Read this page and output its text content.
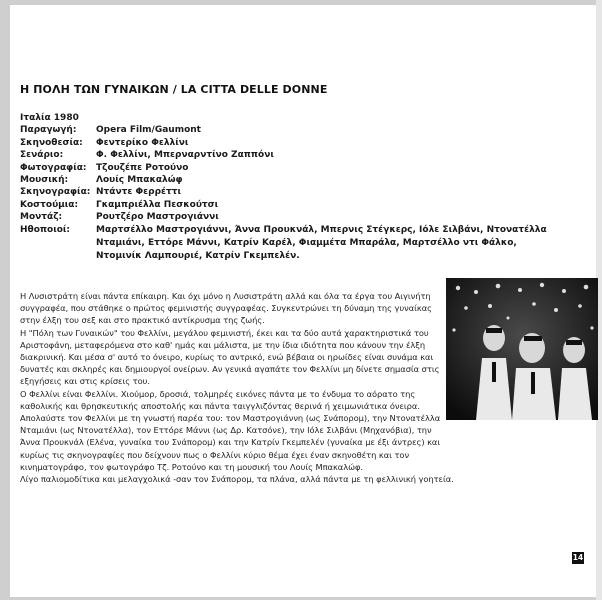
Η ΠΟΛΗ ΤΩΝ ΓΥΝΑΙΚΩΝ / LA CITTA DELLE DONNE
Ιταλία 1980
Παραγωγή:	Opera Film/Gaumont
Σκηνοθεσία:	Φεντερίκο Φελλίνι
Σενάριο:	Φ. Φελλίνι, Μπερναρντίνο Ζαππόνι
Φωτογραφία:	Τζουζέπε Ροτούνο
Μουσική:	Λουίς Μπακαλώφ
Σκηνογραφία: Ντάντε Φερρέττι
Κοστούμια:	Γκαμπριέλλα Πεσκούτσι
Μοντάζ:	Ρουτζέρο Μαστρογιάννι
Ηθοποιοί:	Μαρτσέλλο Μαστρογιάννι, Άννα Προυκνάλ, Μπερνις Στέγκερς, Ιόλε Σιλβάνι, Ντονατέλλα Νταμιάνι, Εττόρε Μάννι, Κατρίν Καρέλ, Φιαμμέτα Μπαράλα, Μαρτσέλλο ντι Φάλκο, Ντομινίκ Λαμπουριέ, Κατρίν Γκεμπελέν.

Η Λυσιστράτη είναι πάντα επίκαιρη. Και όχι μόνο η Λυσιστράτη αλλά και όλα τα έργα του Αιγινήτη συγγραφέα, που στάθηκε ο πρώτος φεμινιστής συγγραφέας. Συγκεντρώνει τη δύναμη της γυναίκας στην έλξη του σεξ και στο πρακτικό αντίκρυσμα της ζωής.

Η "Πόλη των Γυναικών" του Φελλίνι, μεγάλου φεμινιστή, έκει και τα δύο αυτά χαρακτηριστικά του Αριστοφάνη, μεταφερόμενα στο καθ' ημάς και μάλιστα, με την ίδια ιδιότητα που κάνουν την έλξη διακρινική. Και μέσα σ' αυτό το όνειρο, κυρίως το αντρικό, ενώ βέβαια οι ηρωίδες είναι συνάμα και δυνατές και σκληρές και δημιουργοί ονείρων. Αν γενικά αγαπάτε τον Φελλίνι μη δίνετε σημασία στις εξηγήσεις και στις κρίσεις του.

Ο Φελλίνι είναι Φελλίνι. Χιούμορ, δροσιά, τολμηρές εικόνες πάντα με το ένδυμα το αόρατο της καθολικής και θρησκευτικής αποστολής και πάντα ταιγγλιζόντας θερινά ή χειμωνιάτικα όνειρα.

Απολαύστε τον Φελλίνι με τη γνωστή παρέα του: τον Μαστρογιάννη (ως Σνάπορομ), την Ντονατέλλα Νταμιάνι (ως Ντονατέλλα), τον Εττόρε Μάννι (ως Δρ. Κατσόνε), την Ιόλε Σιλβάνι (Μηχανόβια), την Άννα Προυκνάλ (Ελένα, γυναίκα του Σνάπορομ) και την Κατρίν Γκεμπελέν (γυναίκα με έξι άντρες) και κυρίως τις σκηνογραφίες που δείχνουν πως ο Φελλίνι κύριο θέμα έχει έναν σκηνοθέτη και τον κινηματογράφο, τον φωτογράφο Τζ. Ροτούνο και τη μουσική του Λουίς Μπακαλώφ.

Λίγο παλιομοδίτικα και μελαγχολικά -σαν τον Σνάπορομ, τα πλάνα, αλλά πάντα με τη φελλινική γοητεία.

14
